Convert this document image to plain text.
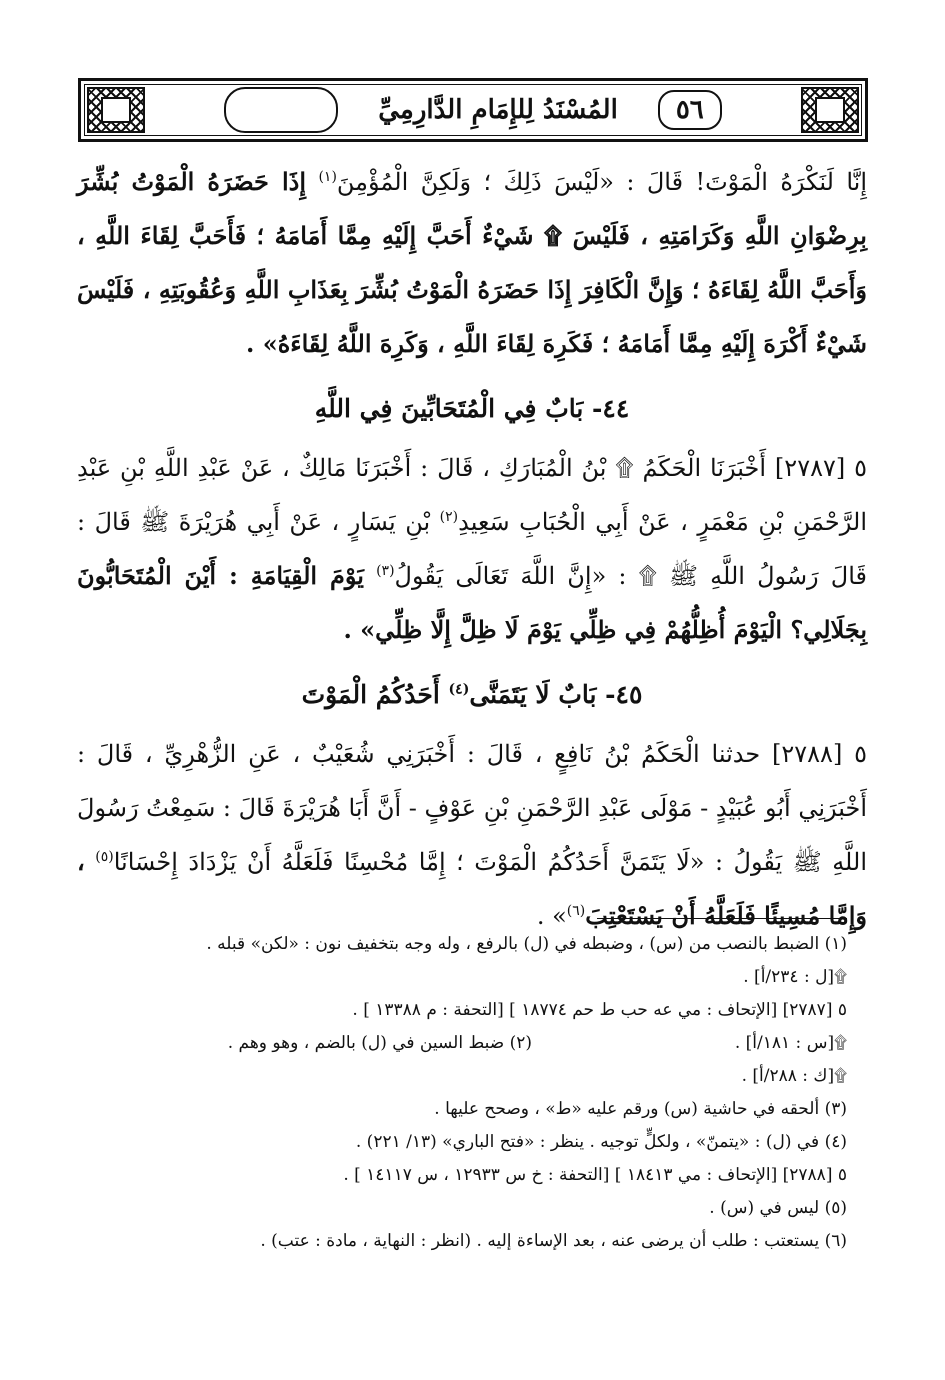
٥٦
المُسْنَدُ لِلإِمَامِ الدَّارِمِيِّ

إِنَّا لَنَكْرَهُ الْمَوْتَ! قَالَ : «لَيْسَ ذَلِكَ ؛ وَلَكِنَّ الْمُؤْمِنَ$^{(١)}$ إِذَا حَضَرَهُ الْمَوْتُ بُشِّرَ بِرِضْوَانِ اللَّهِ وَكَرَامَتِهِ ، فَلَيْسَ ۩ شَيْءٌ أَحَبَّ إِلَيْهِ مِمَّا أَمَامَهُ ؛ فَأَحَبَّ لِقَاءَ اللَّهِ ، وَأَحَبَّ اللَّهُ لِقَاءَهُ ؛ وَإِنَّ الْكَافِرَ إِذَا حَضَرَهُ الْمَوْتُ بُشِّرَ بِعَذَابِ اللَّهِ وَعُقُوبَتِهِ ، فَلَيْسَ شَيْءٌ أَكْرَهَ إِلَيْهِ مِمَّا أَمَامَهُ ؛ فَكَرِهَ لِقَاءَ اللَّهِ ، وَكَرِهَ اللَّهُ لِقَاءَهُ» .

٤٤- بَابٌ فِي الْمُتَحَابِّينَ فِي اللَّهِ

٥ [٢٧٨٧] أَخْبَرَنَا الْحَكَمُ ۩ بْنُ الْمُبَارَكِ ، قَالَ : أَخْبَرَنَا مَالِكٌ ، عَنْ عَبْدِ اللَّهِ بْنِ عَبْدِ الرَّحْمَنِ بْنِ مَعْمَرٍ ، عَنْ أَبِي الْحُبَابِ سَعِيدِ$^{(٢)}$ بْنِ يَسَارٍ ، عَنْ أَبِي هُرَيْرَةَ ﷺ قَالَ : قَالَ رَسُولُ اللَّهِ ﷺ ۩ : «إِنَّ اللَّهَ تَعَالَى يَقُولُ$^{(٣)}$ يَوْمَ الْقِيَامَةِ : أَيْنَ الْمُتَحَابُّونَ بِجَلَالِي؟ الْيَوْمَ أُظِلُّهُمْ فِي ظِلِّي يَوْمَ لَا ظِلَّ إِلَّا ظِلِّي» .

٤٥- بَابٌ لَا يَتَمَنَّى$^{(٤)}$ أَحَدُكُمُ الْمَوْتَ

٥ [٢٧٨٨] حدثنا الْحَكَمُ بْنُ نَافِعٍ ، قَالَ : أَخْبَرَنِي شُعَيْبٌ ، عَنِ الزُّهْرِيِّ ، قَالَ : أَخْبَرَنِي أَبُو عُبَيْدٍ - مَوْلَى عَبْدِ الرَّحْمَنِ بْنِ عَوْفٍ - أَنَّ أَبَا هُرَيْرَةَ قَالَ : سَمِعْتُ رَسُولَ اللَّهِ ﷺ يَقُولُ : «لَا يَتَمَنَّ أَحَدُكُمُ الْمَوْتَ ؛ إِمَّا مُحْسِنًا فَلَعَلَّهُ أَنْ يَزْدَادَ إِحْسَانًا$^{(٥)}$ ، وَإِمَّا مُسِيئًا فَلَعَلَّهُ أَنْ يَسْتَعْتِبَ$^{(٦)}$» .

(١) الضبط بالنصب من (س) ، وضبطه في (ل) بالرفع ، وله وجه بتخفيف نون : «لكن» قبله .

۩[ل : ٢٣٤/أ] .

٥ [٢٧٨٧] [الإتحاف : مي عه حب ط حم ١٨٧٧٤ ] [التحفة : م ١٣٣٨٨ ] .

۩[س : ١٨١/أ] .
(٢) ضبط السين في (ل) بالضم ، وهو وهم .

۩[ك : ٢٨٨/أ] .

(٣) ألحقه في حاشية (س) ورقم عليه «ط» ، وصحح عليها .

(٤) في (ل) : «يتمنّ» ، ولكلٍّ توجيه . ينظر : «فتح الباري» (١٣/ ٢٢١) .

٥ [٢٧٨٨] [الإتحاف : مي ١٨٤١٣ ] [التحفة : خ س ١٢٩٣٣ ، س ١٤١١٧ ] .

(٥) ليس في (س) .

(٦) يستعتب : طلب أن يرضى عنه ، بعد الإساءة إليه . (انظر : النهاية ، مادة : عتب) .
